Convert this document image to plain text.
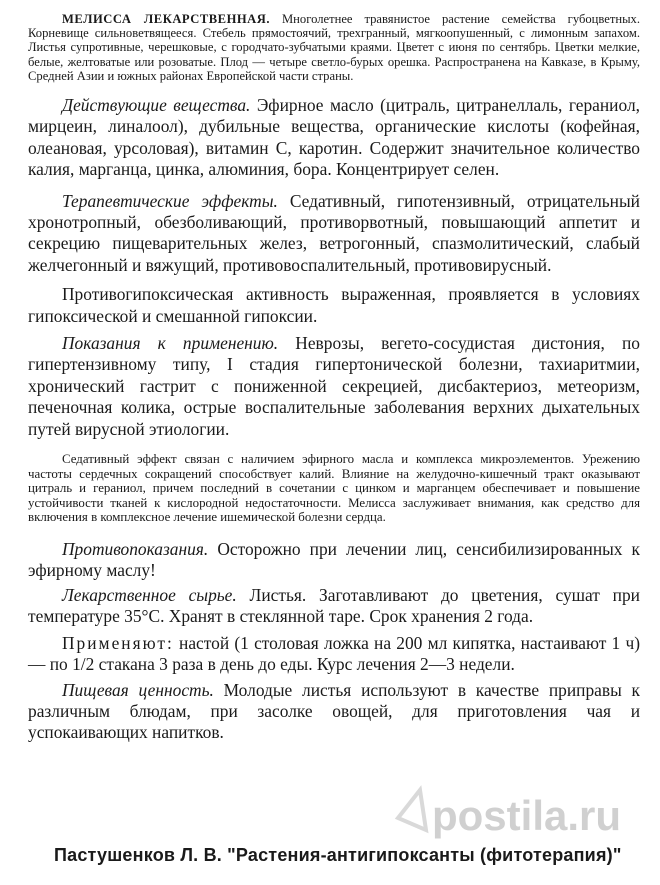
МЕЛИССА ЛЕКАРСТВЕННАЯ. Многолетнее травянистое растение семейства губоцветных. Корневище сильноветвящееся. Стебель прямостоячий, трехгранный, мягкоопушенный, с лимонным запахом. Листья супротивные, черешковые, с городчато-зубчатыми краями. Цветет с июня по сентябрь. Цветки мелкие, белые, желтоватые или розоватые. Плод — четыре светло-бурых орешка. Распространена на Кавказе, в Крыму, Средней Азии и южных районах Европейской части страны.

Действующие вещества. Эфирное масло (цитраль, цитранеллаль, гераниол, мирцеин, линалоол), дубильные вещества, органические кислоты (кофейная, олеановая, урсоловая), витамин С, каротин. Содержит значительное количество калия, марганца, цинка, алюминия, бора. Концентрирует селен.

Терапевтические эффекты. Седативный, гипотензивный, отрицательный хронотропный, обезболивающий, противорвотный, повышающий аппетит и секрецию пищеварительных желез, ветрогонный, спазмолитический, слабый желчегонный и вяжущий, противовоспалительный, противовирусный.

Противогипоксическая активность выраженная, проявляется в условиях гипоксической и смешанной гипоксии.

Показания к применению. Неврозы, вегето-сосудистая дистония, по гипертензивному типу, I стадия гипертонической болезни, тахиаритмии, хронический гастрит с пониженной секрецией, дисбактериоз, метеоризм, печеночная колика, острые воспалительные заболевания верхних дыхательных путей вирусной этиологии.

Седативный эффект связан с наличием эфирного масла и комплекса микроэлементов. Урежению частоты сердечных сокращений способствует калий. Влияние на желудочно-кишечный тракт оказывают цитраль и гераниол, причем последний в сочетании с цинком и марганцем обеспечивает и повышение устойчивости тканей к кислородной недостаточности. Мелисса заслуживает внимания, как средство для включения в комплексное лечение ишемической болезни сердца.

Противопоказания. Осторожно при лечении лиц, сенсибилизированных к эфирному маслу!

Лекарственное сырье. Листья. Заготавливают до цветения, сушат при температуре 35°С. Хранят в стеклянной таре. Срок хранения 2 года.

Применяют: настой (1 столовая ложка на 200 мл кипятка, настаивают 1 ч) — по 1/2 стакана 3 раза в день до еды. Курс лечения 2—3 недели.

Пищевая ценность. Молодые листья используют в качестве приправы к различным блюдам, при засолке овощей, для приготовления чая и успокаивающих напитков.

postila.ru
Пастушенков Л. В. "Растения-антигипоксанты (фитотерапия)"
